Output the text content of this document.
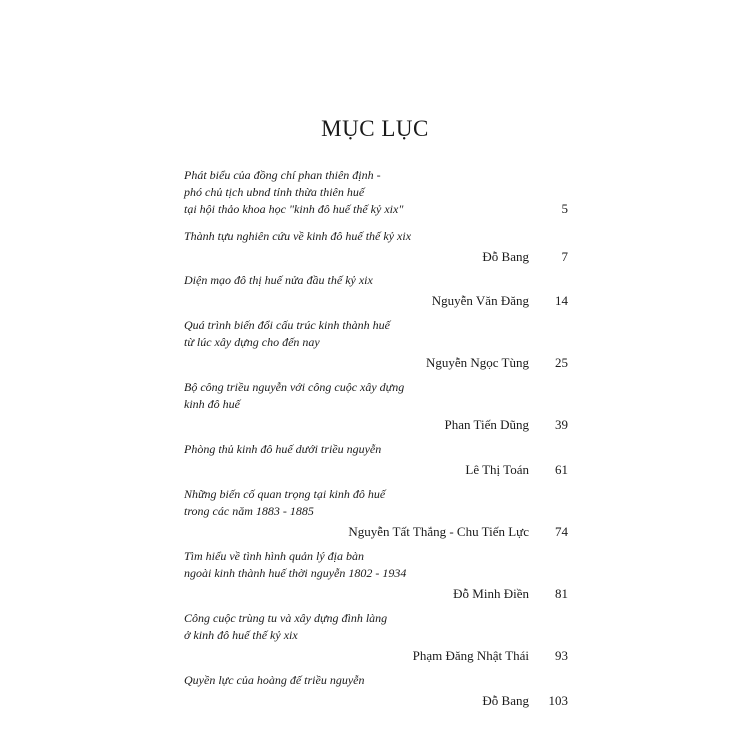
MỤC LỤC
Phát biểu của đồng chí phan thiên định -
phó chủ tịch ubnd tỉnh thừa thiên huế
tại hội thảo khoa học "kinh đô huế thế kỷ xix"	5
Thành tựu nghiên cứu về kinh đô huế thế kỷ xix
Đỗ Bang	7
Diện mạo đô thị huế nửa đầu thế kỷ xix
Nguyễn Văn Đăng 14
Quá trình biến đổi cấu trúc kinh thành huế
từ lúc xây dựng cho đến nay
Nguyễn Ngọc Tùng 25
Bộ công triều nguyễn với công cuộc xây dựng
kinh đô huế
Phan Tiến Dũng 39
Phòng thủ kinh đô huế dưới triều nguyễn
Lê Thị Toán 61
Những biến cố quan trọng tại kinh đô huế
trong các năm 1883 - 1885
Nguyễn Tất Thắng - Chu Tiến Lực 74
Tìm hiểu về tình hình quản lý địa bàn
ngoài kinh thành huế thời nguyễn 1802 - 1934
Đỗ Minh Điền 81
Công cuộc trùng tu và xây dựng đình làng
ở kinh đô huế thế kỷ xix
Phạm Đăng Nhật Thái 93
Quyền lực của hoàng đế triều nguyễn
Đỗ Bang 103
